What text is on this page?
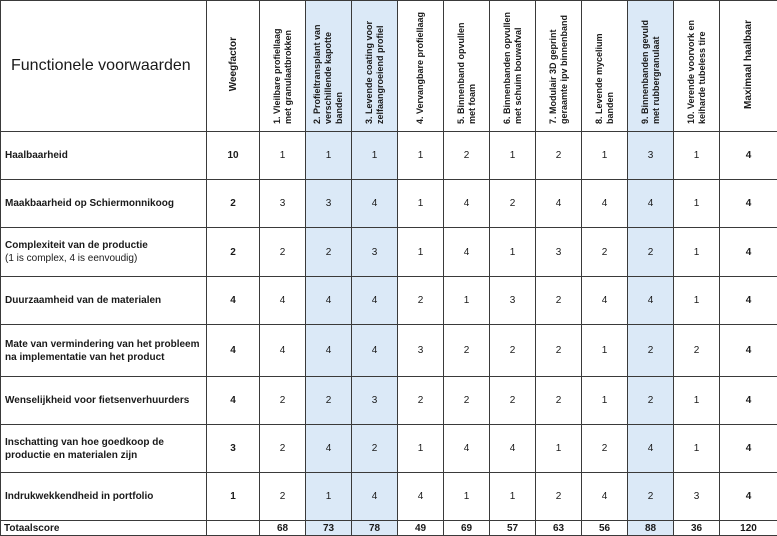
Functionele voorwaarden	Weegfactor	1. Vleilbare profiellaag
met granulaatbrokken	2. Profieltransplant van
verschillende kapotte
banden	3. Levende coating voor
zelfaangroeiend profiel	4. Vervangbare profiellaag	5. Binnenband opvullen
met foam	6. Binnenbanden opvullen
met schuim bouwafval	7. Modulair 3D geprint
geraamte ipv binnenband	8. Levende mycelium
banden	9. Binnenbanden gevuld
met rubbergranulaat	10. Verende voorvork en
keiharde tubeless tire	Maximaal haalbaar
Haalbaarheid	10	1	1	1	1	2	1	2	1	3	1	4
Maakbaarheid op Schiermonnikoog	2	3	3	4	1	4	2	4	4	4	1	4
Complexiteit van de productie
(1 is complex, 4 is eenvoudig)	2	2	2	3	1	4	1	3	2	2	1	4
Duurzaamheid van de materialen	4	4	4	4	2	1	3	2	4	4	1	4
Mate van vermindering van het probleem na implementatie van het product	4	4	4	4	3	2	2	2	1	2	2	4
Wenselijkheid voor fietsenverhuurders	4	2	2	3	2	2	2	2	1	2	1	4
Inschatting van hoe goedkoop de productie en materialen zijn	3	2	4	2	1	4	4	1	2	4	1	4
Indrukwekkendheid in portfolio	1	2	1	4	4	1	1	2	4	2	3	4
Totaalscore		68	73	78	49	69	57	63	56	88	36	120
